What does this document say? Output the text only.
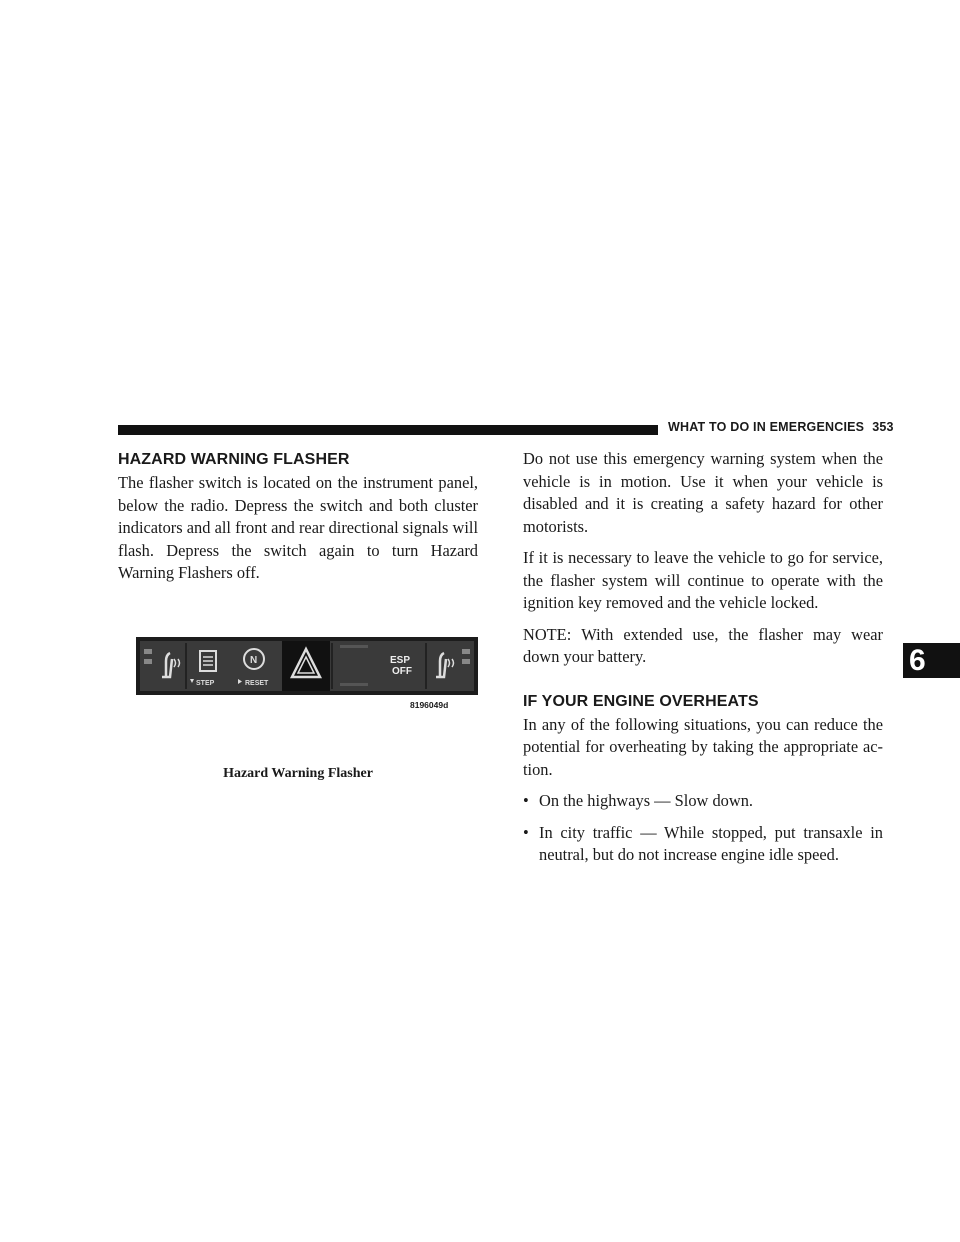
WHAT TO DO IN EMERGENCIES 353
6
HAZARD WARNING FLASHER

The flasher switch is located on the instrument panel, below the radio. Depress the switch and both cluster indicators and all front and rear directional signals will flash. Depress the switch again to turn Hazard Warning Flashers off.

STEP
N
RESET
ESP
OFF
8196049d
Hazard Warning Flasher

Do not use this emergency warning system when the vehicle is in motion. Use it when your vehicle is disabled and it is creating a safety hazard for other motorists.

If it is necessary to leave the vehicle to go for service, the flasher system will continue to operate with the ignition key removed and the vehicle locked.

NOTE: With extended use, the flasher may wear down your battery.

IF YOUR ENGINE OVERHEATS

In any of the following situations, you can reduce the potential for overheating by taking the appropriate ac-tion.

• On the highways — Slow down.
• In city traffic — While stopped, put transaxle in neutral, but do not increase engine idle speed.
